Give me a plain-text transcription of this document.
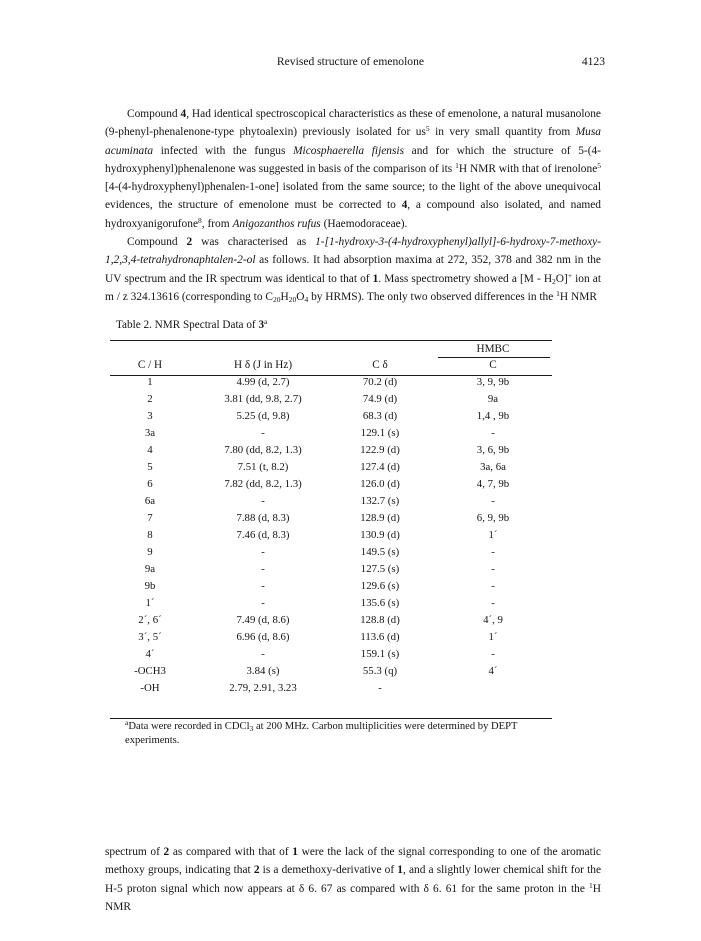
Revised structure of emenolone	4123

Compound 4, Had identical spectroscopical characteristics as these of emenolone, a natural musanolone (9-phenyl-phenalenone-type phytoalexin) previously isolated for $us^5$ in very small quantity from Musa acuminata infected with the fungus Micosphaerella fijensis and for which the structure of 5-(4-hydroxyphenyl)phenalenone was suggested in basis of the comparison of its $^1$H NMR with that of irenolone$^5$ [4-(4-hydroxyphenyl)phenalen-1-one] isolated from the same source; to the light of the above unequivocal evidences, the structure of emenolone must be corrected to 4, a compound also isolated, and named hydroxyanigorufone$^8$, from Anigozanthos rufus (Haemodoraceae).

Compound 2 was characterised as 1-[1-hydroxy-3-(4-hydroxyphenyl)allyl]-6-hydroxy-7-methoxy-1,2,3,4-tetrahydronaphtalen-2-ol as follows. It had absorption maxima at 272, 352, 378 and 382 nm in the UV spectrum and the IR spectrum was identical to that of 1. Mass spectrometry showed a $[M - H_2O]^+$ ion at m / z 324.13616 (corresponding to $C_{20}H_{20}O_4$ by HRMS). The only two observed differences in the $^1$H NMR

Table 2. NMR Spectral Data of 3$^a$
HMBC
C / H	H δ (J in Hz)	C δ	C
1	4.99 (d, 2.7)	70.2 (d)	3, 9, 9b
2	3.81 (dd, 9.8, 2.7)	74.9 (d)	9a
3	5.25 (d, 9.8)	68.3 (d)	1,4 , 9b
3a	-	129.1 (s)	-
4	7.80 (dd, 8.2, 1.3)	122.9 (d)	3, 6, 9b
5	7.51 (t, 8.2)	127.4 (d)	3a, 6a
6	7.82 (dd, 8.2, 1.3)	126.0 (d)	4, 7, 9b
6a	-	132.7 (s)	-
7	7.88 (d, 8.3)	128.9 (d)	6, 9, 9b
8	7.46 (d, 8.3)	130.9 (d)	1´
9	-	149.5 (s)	-
9a	-	127.5 (s)	-
9b	-	129.6 (s)	-
1´	-	135.6 (s)	-
2´, 6´	7.49 (d, 8.6)	128.8 (d)	4´, 9
3´, 5´	6.96 (d, 8.6)	113.6 (d)	1´
4´	-	159.1 (s)	-
-OCH3	3.84 (s)	55.3 (q)	4´
-OH	2.79, 2.91, 3.23	-
$^a$Data were recorded in CDCl$_3$ at 200 MHz. Carbon multiplicities were determined by DEPT experiments.

spectrum of 2 as compared with that of 1 were the lack of the signal corresponding to one of the aromatic methoxy groups, indicating that 2 is a demethoxy-derivative of 1, and a slightly lower chemical shift for the H-5 proton signal which now appears at δ 6. 67 as compared with δ 6. 61 for the same proton in the $^1$H NMR
